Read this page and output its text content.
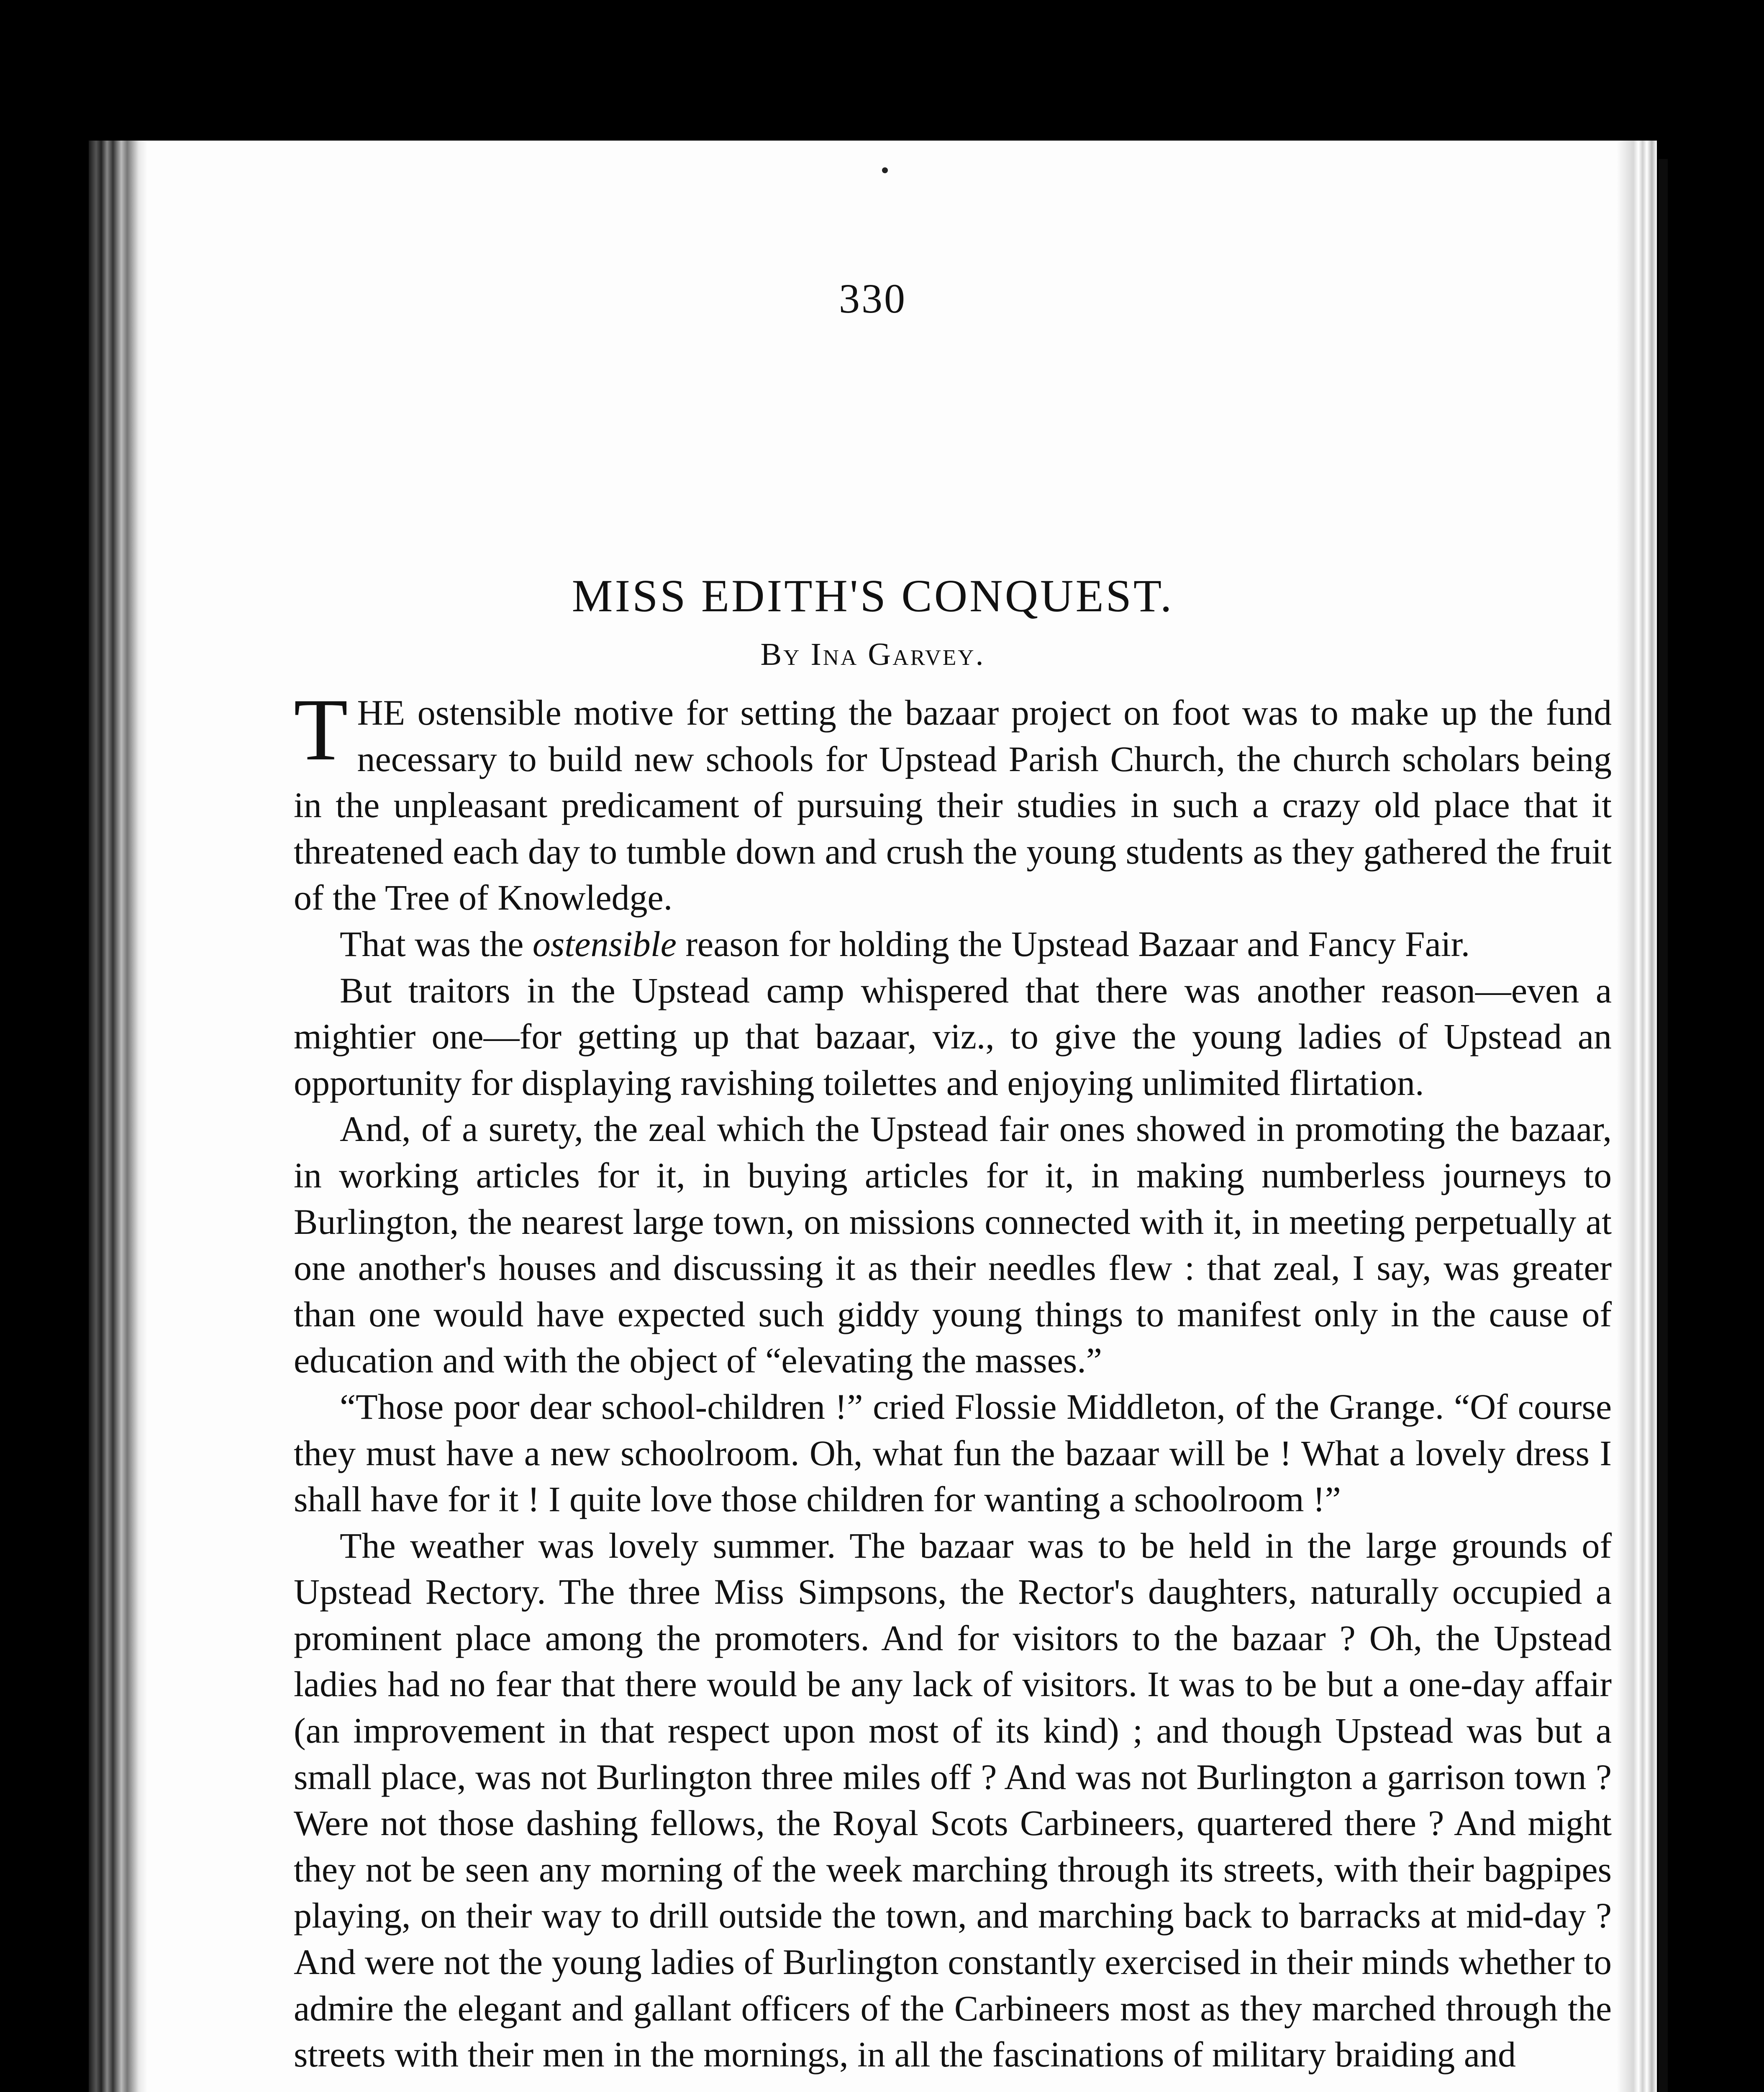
330
MISS EDITH'S CONQUEST.
By Ina Garvey.

THE ostensible motive for setting the bazaar project on foot was to make up the fund necessary to build new schools for Upstead Parish Church, the church scholars being in the unpleasant predicament of pursuing their studies in such a crazy old place that it threatened each day to tumble down and crush the young students as they gathered the fruit of the Tree of Knowledge.

That was the ostensible reason for holding the Upstead Bazaar and Fancy Fair.

But traitors in the Upstead camp whispered that there was another reason—even a mightier one—for getting up that bazaar, viz., to give the young ladies of Upstead an opportunity for displaying ravishing toilettes and enjoying unlimited flirtation.

And, of a surety, the zeal which the Upstead fair ones showed in promoting the bazaar, in working articles for it, in buying articles for it, in making numberless journeys to Burlington, the nearest large town, on missions connected with it, in meeting perpetually at one another's houses and discussing it as their needles flew : that zeal, I say, was greater than one would have expected such giddy young things to manifest only in the cause of education and with the object of “elevating the masses.”

“Those poor dear school-children !” cried Flossie Middleton, of the Grange. “Of course they must have a new schoolroom. Oh, what fun the bazaar will be ! What a lovely dress I shall have for it ! I quite love those children for wanting a schoolroom !”

The weather was lovely summer. The bazaar was to be held in the large grounds of Upstead Rectory. The three Miss Simpsons, the Rector's daughters, naturally occupied a prominent place among the promoters. And for visitors to the bazaar ? Oh, the Upstead ladies had no fear that there would be any lack of visitors. It was to be but a one-day affair (an improvement in that respect upon most of its kind) ; and though Upstead was but a small place, was not Burlington three miles off ? And was not Burlington a garrison town ? Were not those dashing fellows, the Royal Scots Carbineers, quartered there ? And might they not be seen any morning of the week marching through its streets, with their bagpipes playing, on their way to drill outside the town, and marching back to barracks at mid-day ? And were not the young ladies of Burlington constantly exercised in their minds whether to admire the elegant and gallant officers of the Carbineers most as they marched through the streets with their men in the mornings, in all the fascinations of military braiding and
